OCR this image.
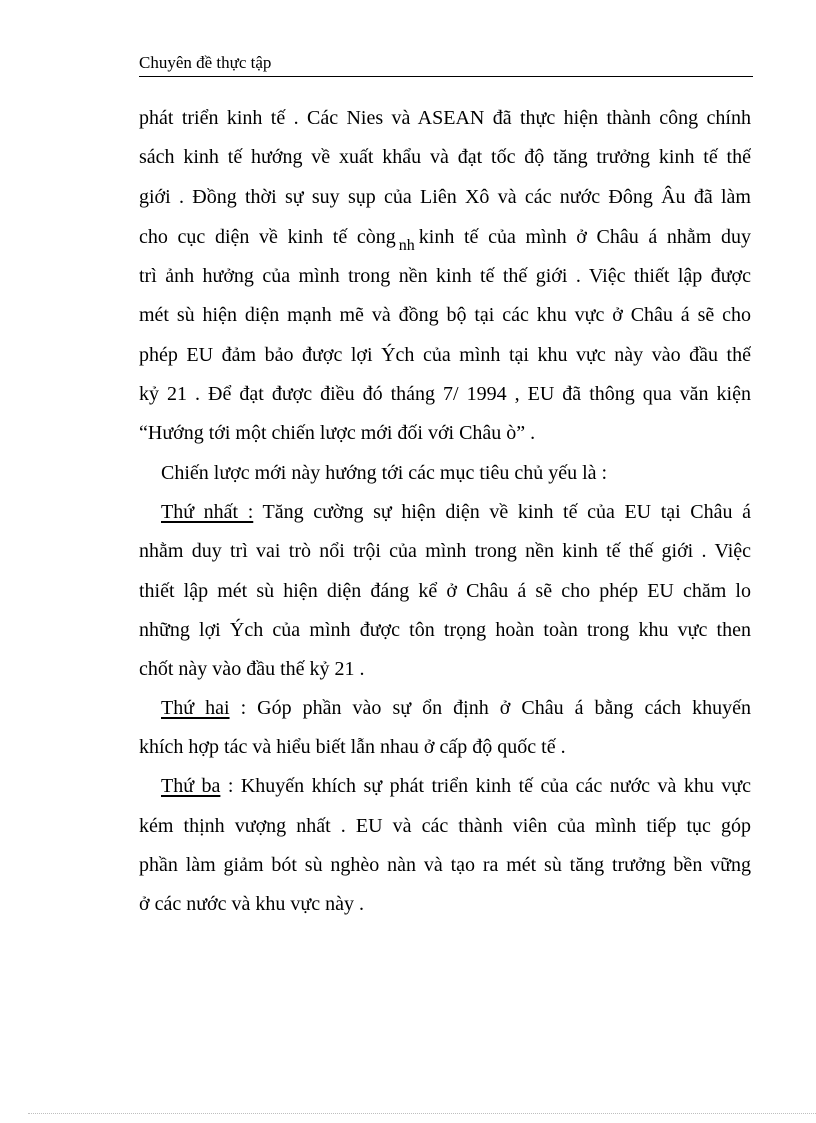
Chuyên đề thực tập
phát triển kinh tế . Các Nies và ASEAN đã thực hiện thành công chính
sách kinh tế hướng về xuất khẩu và đạt tốc độ tăng trưởng kinh tế thế
giới . Đồng thời sự suy sụp của Liên Xô và các nước Đông Âu đã làm
cho cục diện về kinh tế còng $_{nh}$ kinh tế của mình ở Châu á nhằm duy
trì ảnh hưởng của mình trong nền kinh tế thế giới . Việc thiết lập được
mét sù hiện diện mạnh mẽ và đồng bộ tại các khu vực ở Châu á sẽ cho
phép EU đảm bảo được lợi Ých của mình tại khu vực này vào đầu thế
kỷ 21 . Để đạt được điều đó tháng 7/ 1994 , EU đã thông qua văn kiện
“Hướng tới một chiến lược mới đối với Châu ò” .
Chiến lược mới này hướng tới các mục tiêu chủ yếu là :
Thứ nhất : Tăng cường sự hiện diện về kinh tế của EU tại Châu á
nhằm duy trì vai trò nổi trội của mình trong nền kinh tế thế giới . Việc
thiết lập mét sù hiện diện đáng kể ở Châu á sẽ cho phép EU chăm lo
những lợi Ých của mình được tôn trọng hoàn toàn trong khu vực then
chốt này vào đầu thế kỷ 21 .
Thứ hai : Góp phần vào sự ổn định ở Châu á bằng cách khuyến
khích hợp tác và hiểu biết lẫn nhau ở cấp độ quốc tế .
Thứ ba : Khuyến khích sự phát triển kinh tế của các nước và khu vực
kém thịnh vượng nhất . EU và các thành viên của mình tiếp tục góp
phần làm giảm bót sù nghèo nàn và tạo ra mét sù tăng trưởng bền vững
ở các nước và khu vực này .
